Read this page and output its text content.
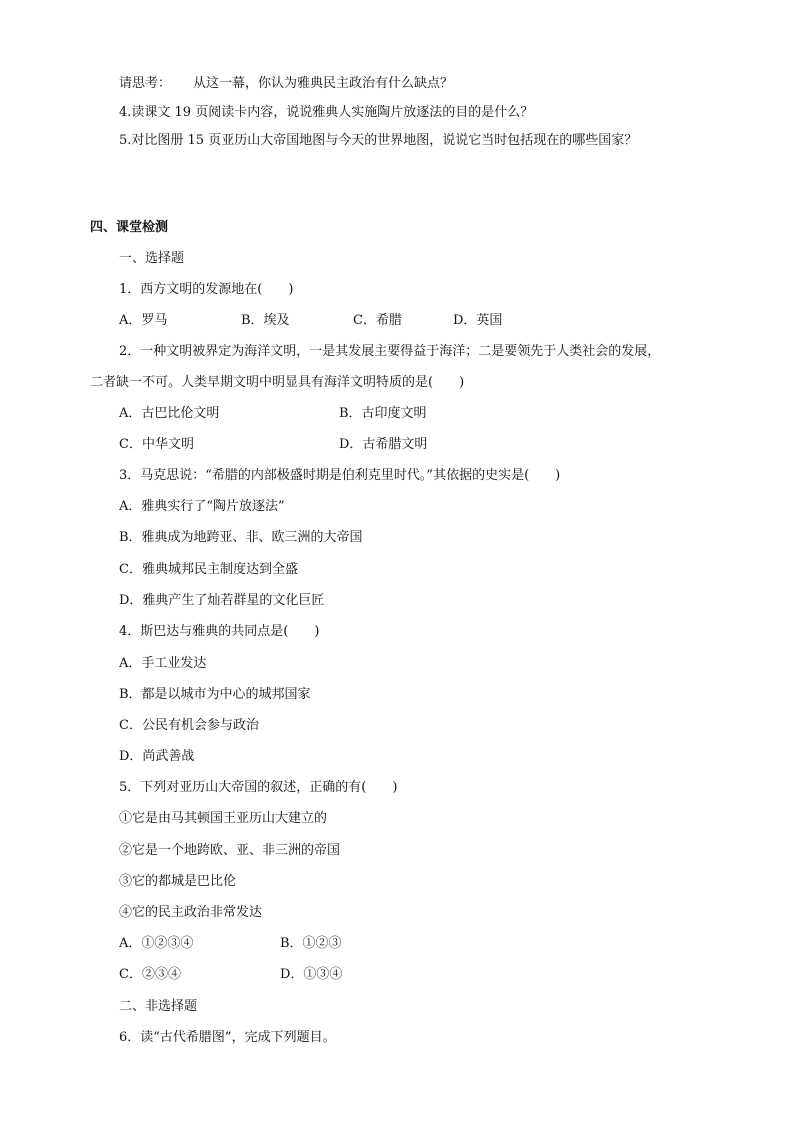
请思考： 从这一幕，你认为雅典民主政治有什么缺点？
4.读课文 19 页阅读卡内容，说说雅典人实施陶片放逐法的目的是什么？
5.对比图册 15 页亚历山大帝国地图与今天的世界地图，说说它当时包括现在的哪些国家？
四、课堂检测
一、选择题
1．西方文明的发源地在(　　)
A．罗马	B．埃及	C．希腊	D．英国
2．一种文明被界定为海洋文明，一是其发展主要得益于海洋；二是要领先于人类社会的发展，
二者缺一不可。人类早期文明中明显具有海洋文明特质的是(　　)
A．古巴比伦文明	B．古印度文明
C．中华文明	D．古希腊文明
3．马克思说：“希腊的内部极盛时期是伯利克里时代。”其依据的史实是(　　)
A．雅典实行了“陶片放逐法”
B．雅典成为地跨亚、非、欧三洲的大帝国
C．雅典城邦民主制度达到全盛
D．雅典产生了灿若群星的文化巨匠
4．斯巴达与雅典的共同点是(　　)
A．手工业发达
B．都是以城市为中心的城邦国家
C．公民有机会参与政治
D．尚武善战
5．下列对亚历山大帝国的叙述，正确的有(　　)
①它是由马其顿国王亚历山大建立的
②它是一个地跨欧、亚、非三洲的帝国
③它的都城是巴比伦
④它的民主政治非常发达
A．①②③④	B．①②③
C．②③④	D．①③④
二、非选择题
6．读“古代希腊图”，完成下列题目。
